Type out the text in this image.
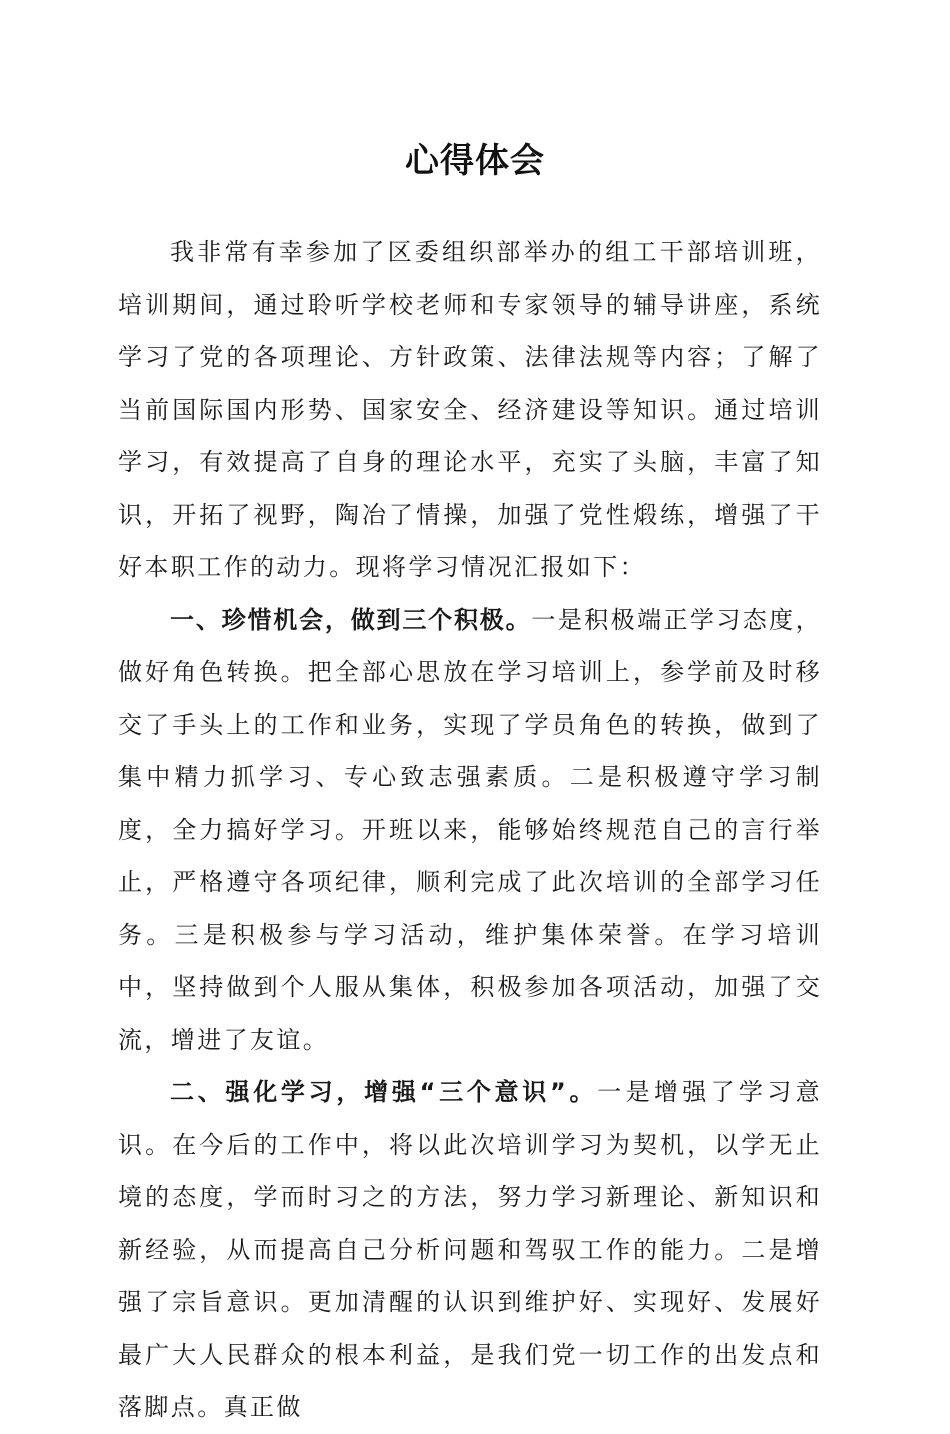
心得体会

我非常有幸参加了区委组织部举办的组工干部培训班，培训期间，通过聆听学校老师和专家领导的辅导讲座，系统学习了党的各项理论、方针政策、法律法规等内容；了解了当前国际国内形势、国家安全、经济建设等知识。通过培训学习，有效提高了自身的理论水平，充实了头脑，丰富了知识，开拓了视野，陶冶了情操，加强了党性煅练，增强了干好本职工作的动力。现将学习情况汇报如下：

一、珍惜机会，做到三个积极。一是积极端正学习态度，做好角色转换。把全部心思放在学习培训上，参学前及时移交了手头上的工作和业务，实现了学员角色的转换，做到了集中精力抓学习、专心致志强素质。二是积极遵守学习制度，全力搞好学习。开班以来，能够始终规范自己的言行举止，严格遵守各项纪律，顺利完成了此次培训的全部学习任务。三是积极参与学习活动，维护集体荣誉。在学习培训中，坚持做到个人服从集体，积极参加各项活动，加强了交流，增进了友谊。

二、强化学习，增强“三个意识”。一是增强了学习意识。在今后的工作中，将以此次培训学习为契机，以学无止境的态度，学而时习之的方法，努力学习新理论、新知识和新经验，从而提高自己分析问题和驾驭工作的能力。二是增强了宗旨意识。更加清醒的认识到维护好、实现好、发展好最广大人民群众的根本利益，是我们党一切工作的出发点和落脚点。真正做
